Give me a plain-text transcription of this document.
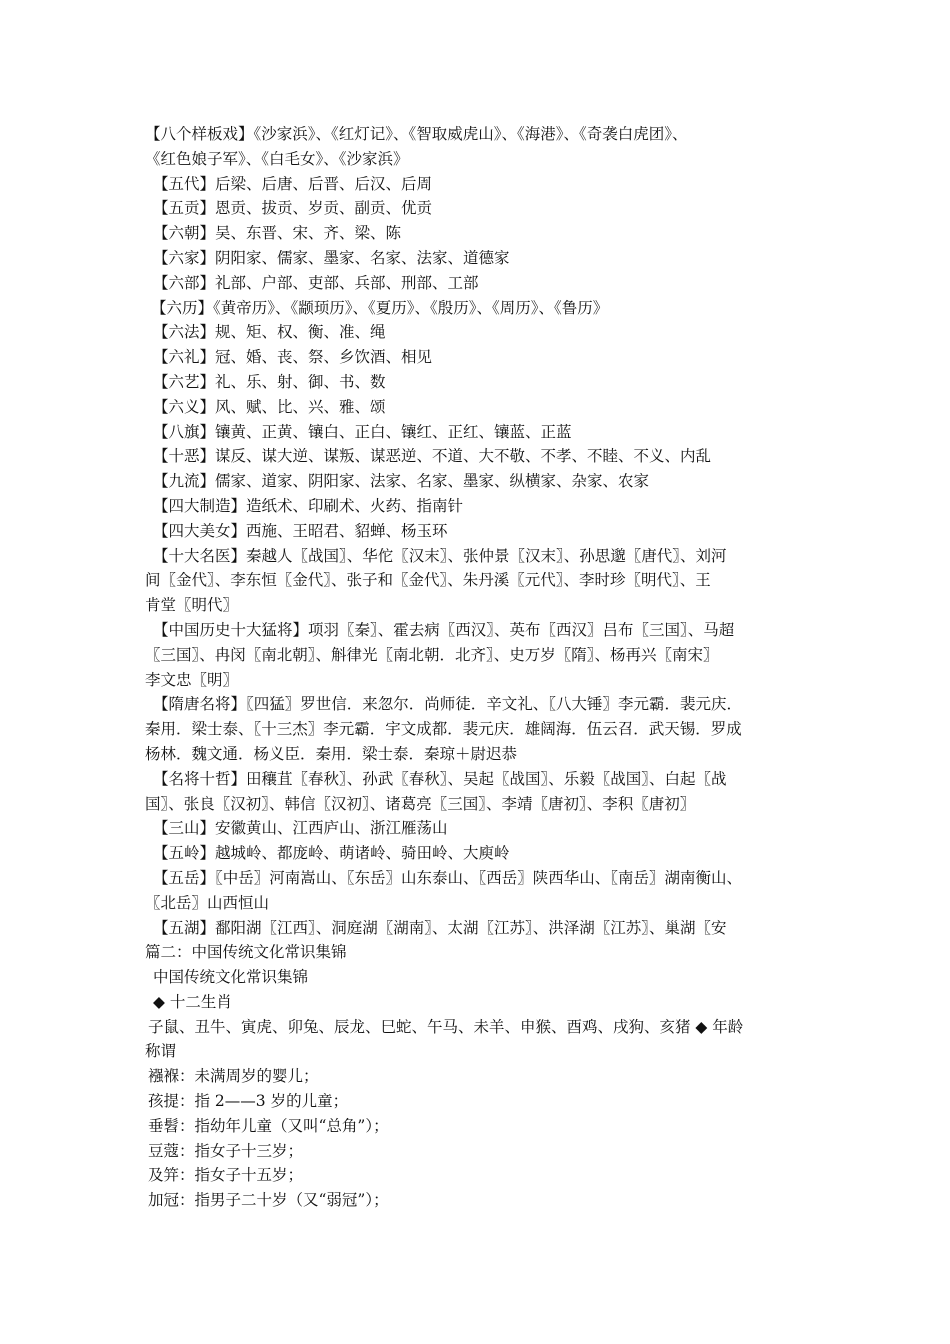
【八个样板戏】《沙家浜》、《红灯记》、《智取威虎山》、《海港》、《奇袭白虎团》、
《红色娘子军》、《白毛女》、《沙家浜》
【五代】后梁、后唐、后晋、后汉、后周
【五贡】恩贡、拔贡、岁贡、副贡、优贡
【六朝】吴、东晋、宋、齐、梁、陈
【六家】阴阳家、儒家、墨家、名家、法家、道德家
【六部】礼部、户部、吏部、兵部、刑部、工部
【六历】《黄帝历》、《颛顼历》、《夏历》、《殷历》、《周历》、《鲁历》
【六法】规、矩、权、衡、准、绳
【六礼】冠、婚、丧、祭、乡饮酒、相见
【六艺】礼、乐、射、御、书、数
【六义】风、赋、比、兴、雅、颂
【八旗】镶黄、正黄、镶白、正白、镶红、正红、镶蓝、正蓝
【十恶】谋反、谋大逆、谋叛、谋恶逆、不道、大不敬、不孝、不睦、不义、内乱
【九流】儒家、道家、阴阳家、法家、名家、墨家、纵横家、杂家、农家
【四大制造】造纸术、印刷术、火药、指南针
【四大美女】西施、王昭君、貂蝉、杨玉环
【十大名医】秦越人〖战国〗、华佗〖汉末〗、张仲景〖汉末〗、孙思邈〖唐代〗、刘河
间〖金代〗、李东恒〖金代〗、张子和〖金代〗、朱丹溪〖元代〗、李时珍〖明代〗、王
肯堂〖明代〗
【中国历史十大猛将】项羽〖秦〗、霍去病〖西汉〗、英布〖西汉〗吕布〖三国〗、马超
〖三国〗、冉闵〖南北朝〗、斛律光〖南北朝．北齐〗、史万岁〖隋〗、杨再兴〖南宋〗
李文忠〖明〗
【隋唐名将】〖四猛〗罗世信．来忽尔．尚师徒．辛文礼、〖八大锤〗李元霸．裴元庆．
秦用．梁士泰、〖十三杰〗李元霸．宇文成都．裴元庆．雄阔海．伍云召．武天锡．罗成
杨林．魏文通．杨义臣．秦用．梁士泰．秦琼＋尉迟恭
【名将十哲】田穰苴〖春秋〗、孙武〖春秋〗、吴起〖战国〗、乐毅〖战国〗、白起〖战
国〗、张良〖汉初〗、韩信〖汉初〗、诸葛亮〖三国〗、李靖〖唐初〗、李积〖唐初〗
【三山】安徽黄山、江西庐山、浙江雁荡山
【五岭】越城岭、都庞岭、萌诸岭、骑田岭、大庾岭
【五岳】〖中岳〗河南嵩山、〖东岳〗山东泰山、〖西岳〗陕西华山、〖南岳〗湖南衡山、
〖北岳〗山西恒山
【五湖】鄱阳湖〖江西〗、洞庭湖〖湖南〗、太湖〖江苏〗、洪泽湖〖江苏〗、巢湖〖安
篇二：中国传统文化常识集锦
中国传统文化常识集锦
◆ 十二生肖
子鼠、丑牛、寅虎、卯兔、辰龙、巳蛇、午马、未羊、申猴、酉鸡、戌狗、亥猪 ◆ 年龄
称谓
襁褓：未满周岁的婴儿；
孩提：指 2——3 岁的儿童；
垂髫：指幼年儿童（又叫“总角”）；
豆蔻：指女子十三岁；
及笄：指女子十五岁；
加冠：指男子二十岁（又“弱冠”）；
